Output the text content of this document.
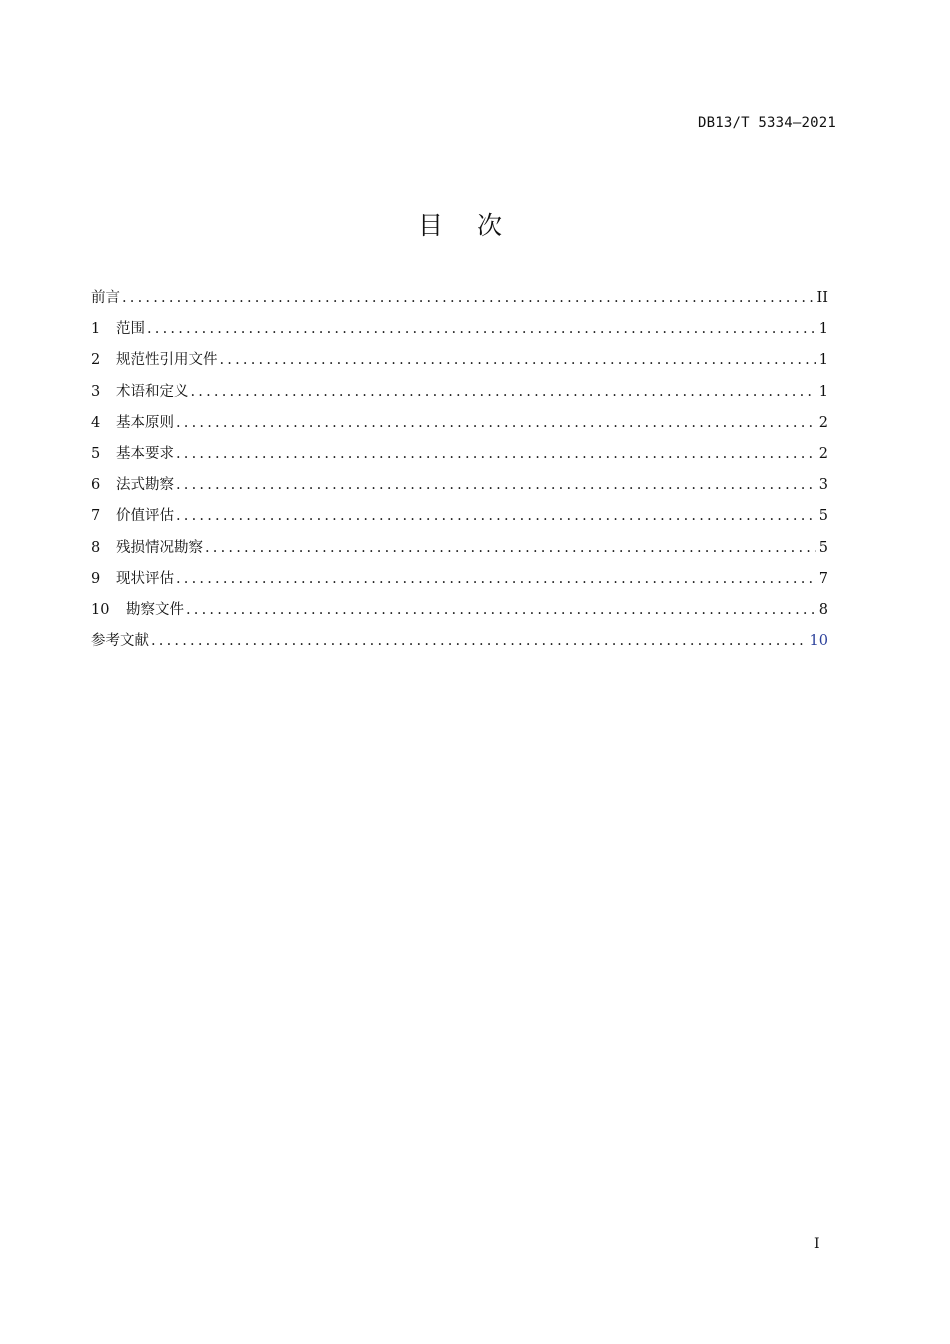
DB13/T 5334—2021
目 次
前言 .....	II
1	范围 .....	1
2	规范性引用文件 .....	1
3	术语和定义 .....	1
4	基本原则 .....	2
5	基本要求 .....	2
6	法式勘察 .....	3
7	价值评估 .....	5
8	残损情况勘察 .....	5
9	现状评估 .....	7
10	勘察文件 .....	8
参考文献 .....	10
I
